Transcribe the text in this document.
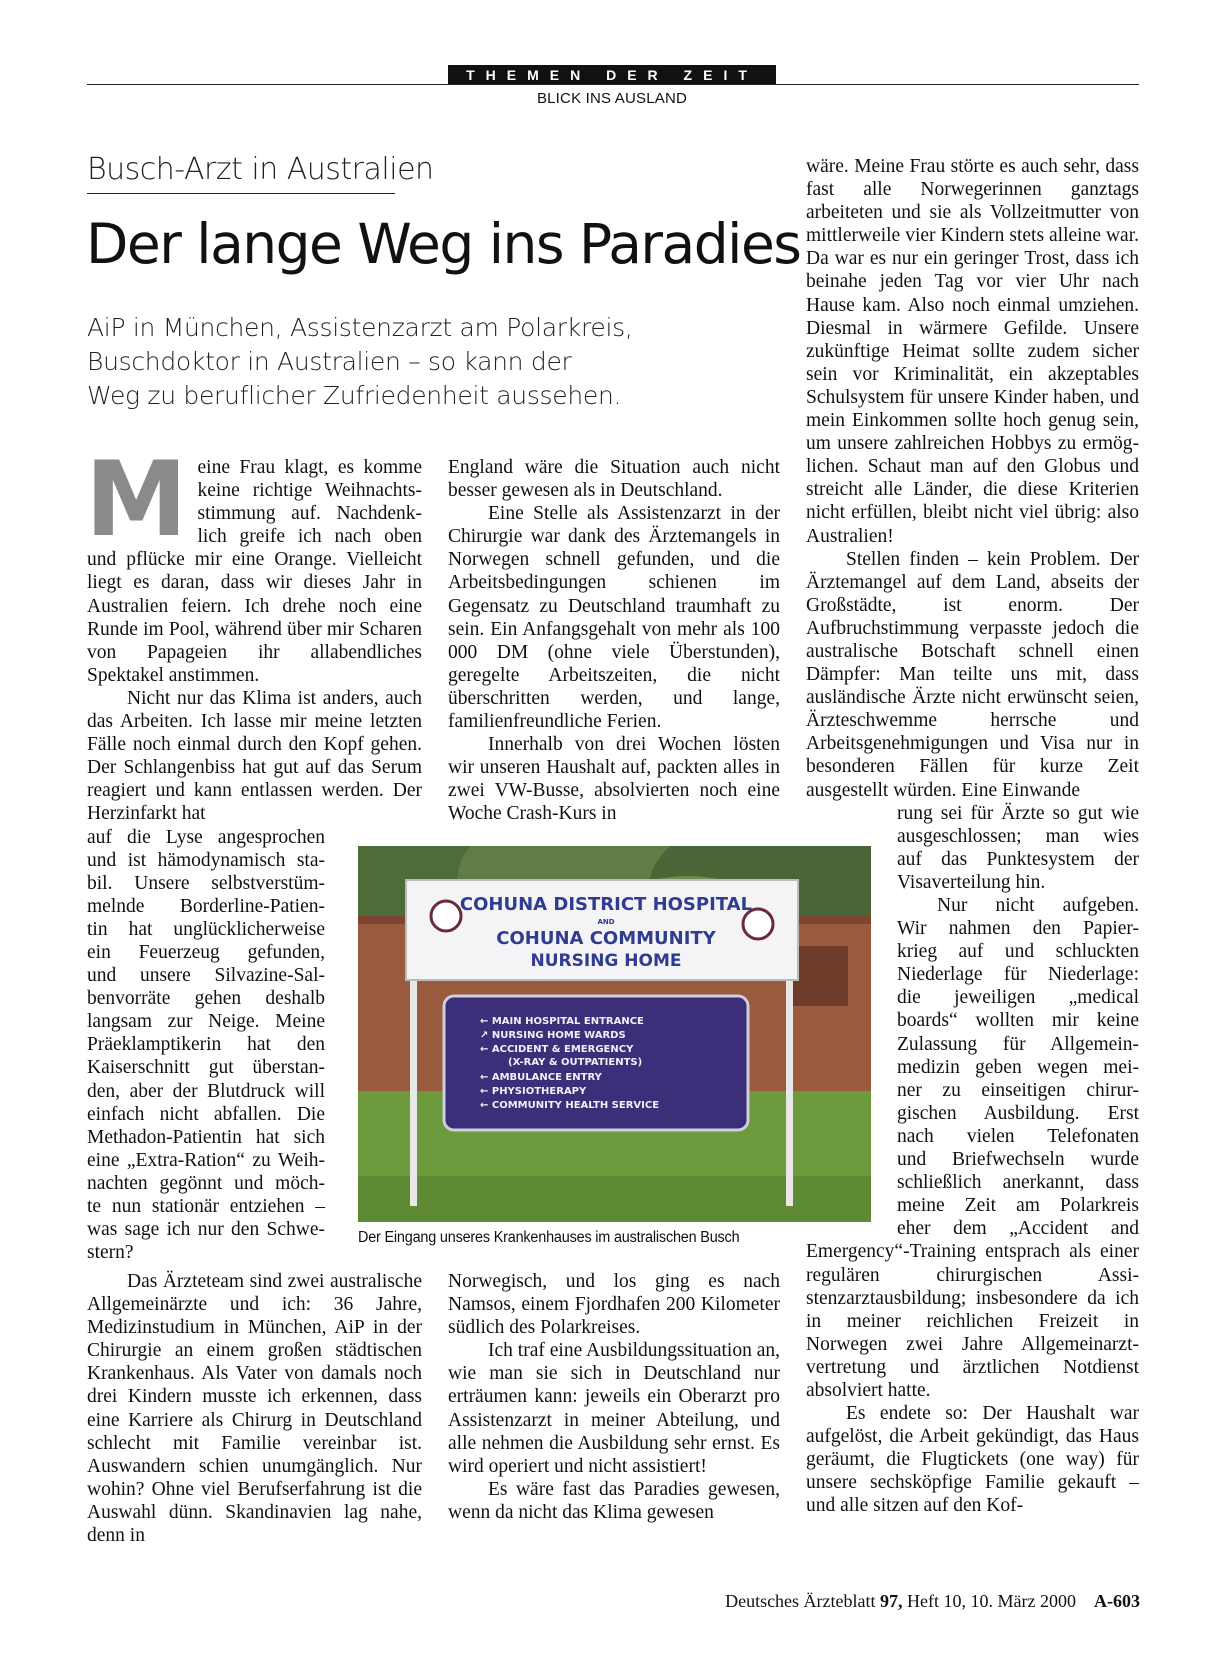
THEMEN DER ZEIT
BLICK INS AUSLAND
Busch-Arzt in Australien
Der lange Weg ins Paradies
AiP in München, Assistenzarzt am Polarkreis,
Buschdoktor in Australien – so kann der
Weg zu beruflicher Zufriedenheit aussehen.

Meine Frau klagt, es komme keine richtige Weihnachtsstimmung auf. Nachdenklich greife ich nach oben und pflücke mir eine Orange. Vielleicht liegt es daran, dass wir dieses Jahr in Australien feiern. Ich drehe noch eine Runde im Pool, während über mir Scharen von Papageien ihr allabendliches Spektakel anstimmen.

Nicht nur das Klima ist anders, auch das Arbeiten. Ich lasse mir meine letzten Fälle noch einmal durch den Kopf gehen. Der Schlangenbiss hat gut auf das Serum reagiert und kann entlassen werden. Der Herzinfarkt hat

auf die Lyse angesprochen
und ist hämodynamisch sta-
bil. Unsere selbstverstüm-
melnde Borderline-Patien-
tin hat unglücklicherweise
ein Feuerzeug gefunden,
und unsere Silvazine-Sal-
benvorräte gehen deshalb
langsam zur Neige. Meine
Präeklamptikerin hat den
Kaiserschnitt gut überstan-
den, aber der Blutdruck will
einfach nicht abfallen. Die
Methadon-Patientin hat sich
eine „Extra-Ration“ zu Weih-
nachten gegönnt und möch-
te nun stationär entziehen –
was sage ich nur den Schwe-
stern?

Das Ärzteteam sind zwei australische Allgemeinärzte und ich: 36 Jahre, Medizinstudium in München, AiP in der Chirurgie an einem großen städtischen Krankenhaus. Als Vater von damals noch drei Kindern musste ich erkennen, dass eine Karriere als Chirurg in Deutschland schlecht mit Familie vereinbar ist. Auswandern schien unumgänglich. Nur wohin? Ohne viel Berufserfahrung ist die Auswahl dünn. Skandinavien lag nahe, denn in

England wäre die Situation auch nicht besser gewesen als in Deutschland.

Eine Stelle als Assistenzarzt in der Chirurgie war dank des Ärztemangels in Norwegen schnell gefunden, und die Arbeitsbedingungen schienen im Gegensatz zu Deutschland traumhaft zu sein. Ein Anfangsgehalt von mehr als 100 000 DM (ohne viele Überstunden), geregelte Arbeitszeiten, die nicht überschritten werden, und lange, familienfreundliche Ferien.

Innerhalb von drei Wochen lösten wir unseren Haushalt auf, packten alles in zwei VW-Busse, absolvierten noch eine Woche Crash-Kurs in

Norwegisch, und los ging es nach Namsos, einem Fjordhafen 200 Kilometer südlich des Polarkreises.

Ich traf eine Ausbildungssituation an, wie man sie sich in Deutschland nur erträumen kann: jeweils ein Oberarzt pro Assistenzarzt in meiner Abteilung, und alle nehmen die Ausbildung sehr ernst. Es wird operiert und nicht assistiert!

Es wäre fast das Paradies gewesen, wenn da nicht das Klima gewesen

wäre. Meine Frau störte es auch sehr, dass fast alle Norwegerinnen ganztags arbeiteten und sie als Vollzeitmutter von mittlerweile vier Kindern stets alleine war. Da war es nur ein geringer Trost, dass ich beinahe jeden Tag vor vier Uhr nach Hause kam. Also noch einmal umziehen. Diesmal in wärmere Gefilde. Unsere zukünftige Heimat sollte zudem sicher sein vor Kriminalität, ein akzeptables Schulsystem für unsere Kinder haben, und mein Einkommen sollte hoch genug sein, um unsere zahlreichen Hobbys zu ermöglichen. Schaut man auf den Globus und streicht alle Länder, die diese Kriterien nicht erfüllen, bleibt nicht viel übrig: also Australien!

Stellen finden – kein Problem. Der Ärztemangel auf dem Land, abseits der Großstädte, ist enorm. Der Aufbruchstimmung verpasste jedoch die australische Botschaft schnell einen Dämpfer: Man teilte uns mit, dass ausländische Ärzte nicht erwünscht seien, Ärzteschwemme herrsche und Arbeitsgenehmigungen und Visa nur in besonderen Fällen für kurze Zeit ausgestellt würden. Eine Einwande

rung sei für Ärzte so gut wie
ausgeschlossen; man wies
auf das Punktesystem der
Visaverteilung hin.
Nur nicht aufgeben.
Wir nahmen den Papier-
krieg auf und schluckten
Niederlage für Niederlage:
die jeweiligen „medical
boards“ wollten mir keine
Zulassung für Allgemein-
medizin geben wegen mei-
ner zu einseitigen chirur-
gischen Ausbildung. Erst
nach vielen Telefonaten
und Briefwechseln wurde
schließlich anerkannt, dass
meine Zeit am Polarkreis
eher dem „Accident and

Emergency“-Training entsprach als einer regulären chirurgischen Assistenzarztausbildung; insbesondere da ich in meiner reichlichen Freizeit in Norwegen zwei Jahre Allgemeinarztvertretung und ärztlichen Notdienst absolviert hatte.

Es endete so: Der Haushalt war aufgelöst, die Arbeit gekündigt, das Haus geräumt, die Flugtickets (one way) für unsere sechsköpfige Familie gekauft – und alle sitzen auf den Kof-

COHUNA DISTRICT HOSPITAL
AND
COHUNA COMMUNITY
NURSING HOME
← MAIN HOSPITAL ENTRANCE
↗ NURSING HOME WARDS
← ACCIDENT & EMERGENCY
(X-RAY & OUTPATIENTS)
← AMBULANCE ENTRY
← PHYSIOTHERAPY
← COMMUNITY HEALTH SERVICE
Der Eingang unseres Krankenhauses im australischen Busch
Deutsches Ärzteblatt 97, Heft 10, 10. März 2000 A-603
